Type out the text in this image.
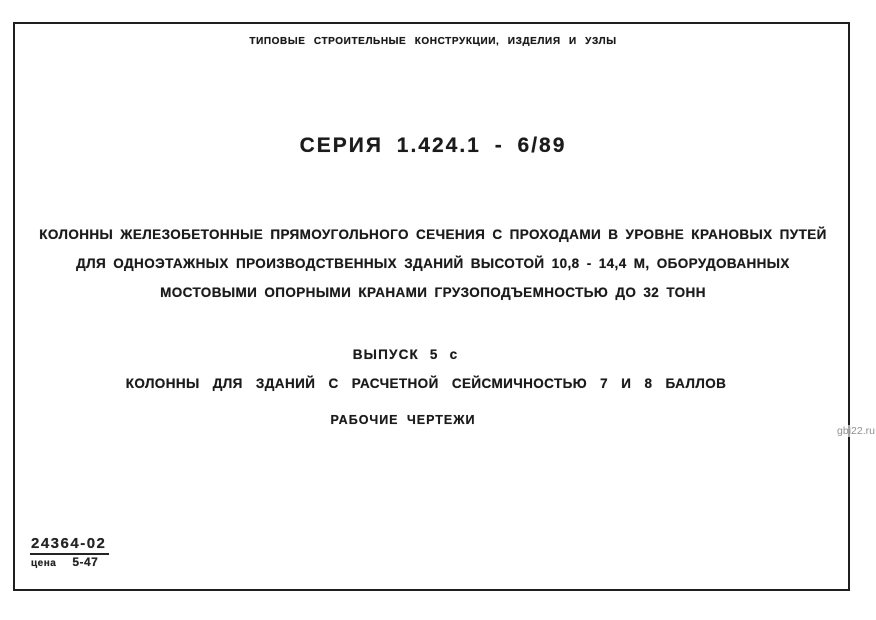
ТИПОВЫЕ СТРОИТЕЛЬНЫЕ КОНСТРУКЦИИ, ИЗДЕЛИЯ И УЗЛЫ
СЕРИЯ 1.424.1 - 6/89
КОЛОННЫ ЖЕЛЕЗОБЕТОННЫЕ ПРЯМОУГОЛЬНОГО СЕЧЕНИЯ С ПРОХОДАМИ В УРОВНЕ КРАНОВЫХ ПУТЕЙ
ДЛЯ ОДНОЭТАЖНЫХ ПРОИЗВОДСТВЕННЫХ ЗДАНИЙ ВЫСОТОЙ 10,8 - 14,4 М, ОБОРУДОВАННЫХ
МОСТОВЫМИ ОПОРНЫМИ КРАНАМИ ГРУЗОПОДЪЕМНОСТЬЮ ДО 32 ТОНН
ВЫПУСК 5 с
КОЛОННЫ ДЛЯ ЗДАНИЙ С РАСЧЕТНОЙ СЕЙСМИЧНОСТЬЮ 7 И 8 БАЛЛОВ
РАБОЧИЕ ЧЕРТЕЖИ
24364-02
цена 5-47
gbi22.ru
